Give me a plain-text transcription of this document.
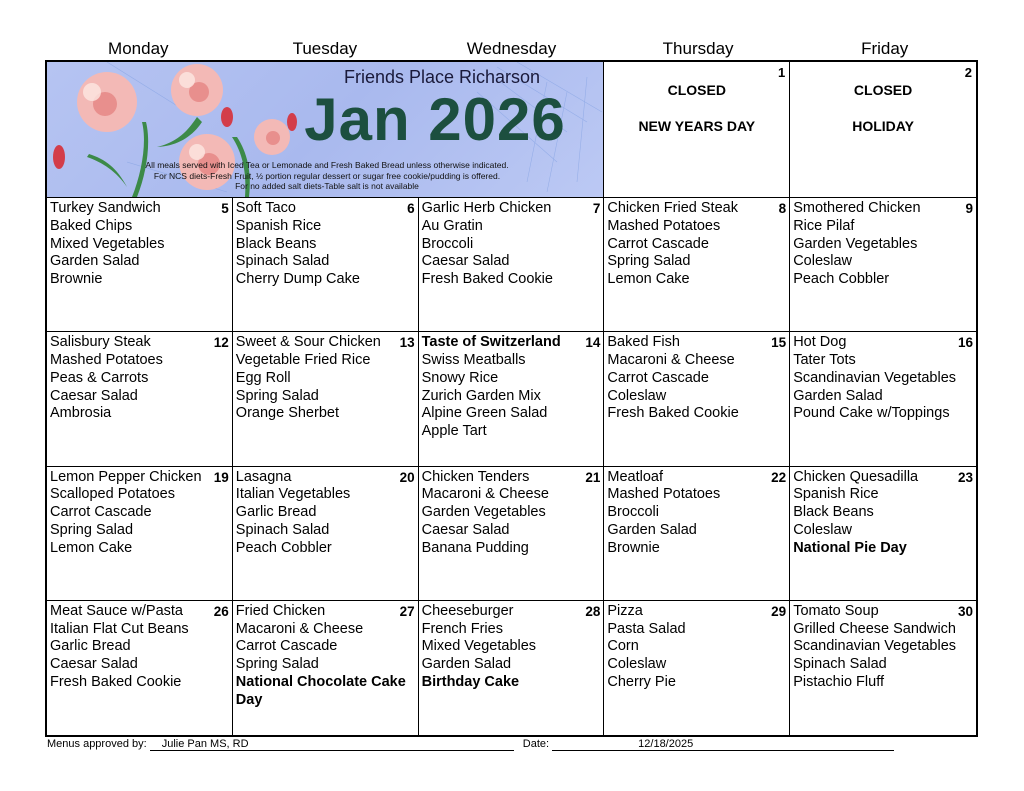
Monday	Tuesday	Wednesday	Thursday	Friday
Friends Place Richarson
Jan 2026
All meals served with Iced Tea or Lemonade and Fresh Baked Bread unless otherwise indicated.
For NCS diets-Fresh Fruit, ½ portion regular dessert or sugar free cookie/pudding is offered.
For no added salt diets-Table salt is not available
1
CLOSED
NEW YEARS DAY
2
CLOSED
HOLIDAY
5
Turkey Sandwich
Baked Chips
Mixed Vegetables
Garden Salad
Brownie
6
Soft Taco
Spanish Rice
Black Beans
Spinach Salad
Cherry Dump Cake
7
Garlic Herb Chicken
Au Gratin
Broccoli
Caesar Salad
Fresh Baked Cookie
8
Chicken Fried Steak
Mashed Potatoes
Carrot Cascade
Spring Salad
Lemon Cake
9
Smothered Chicken
Rice Pilaf
Garden Vegetables
Coleslaw
Peach Cobbler
12
Salisbury Steak
Mashed Potatoes
Peas & Carrots
Caesar Salad
Ambrosia
13
Sweet & Sour Chicken
Vegetable Fried Rice
Egg Roll
Spring Salad
Orange Sherbet
14
Taste of Switzerland
Swiss Meatballs
Snowy Rice
Zurich Garden Mix
Alpine Green Salad
Apple Tart
15
Baked Fish
Macaroni & Cheese
Carrot Cascade
Coleslaw
Fresh Baked Cookie
16
Hot Dog
Tater Tots
Scandinavian Vegetables
Garden Salad
Pound Cake w/Toppings
19
Lemon Pepper Chicken
Scalloped Potatoes
Carrot Cascade
Spring Salad
Lemon Cake
20
Lasagna
Italian Vegetables
Garlic Bread
Spinach Salad
Peach Cobbler
21
Chicken Tenders
Macaroni & Cheese
Garden Vegetables
Caesar Salad
Banana Pudding
22
Meatloaf
Mashed Potatoes
Broccoli
Garden Salad
Brownie
23
Chicken Quesadilla
Spanish Rice
Black Beans
Coleslaw
National Pie Day
26
Meat Sauce w/Pasta
Italian Flat Cut Beans
Garlic Bread
Caesar Salad
Fresh Baked Cookie
27
Fried Chicken
Macaroni & Cheese
Carrot Cascade
Spring Salad
National Chocolate Cake Day
28
Cheeseburger
French Fries
Mixed Vegetables
Garden Salad
Birthday Cake
29
Pizza
Pasta Salad
Corn
Coleslaw
Cherry Pie
30
Tomato Soup
Grilled Cheese Sandwich
Scandinavian Vegetables
Spinach Salad
Pistachio Fluff
Menus approved by: Julie Pan MS, RD	Date:	12/18/2025
